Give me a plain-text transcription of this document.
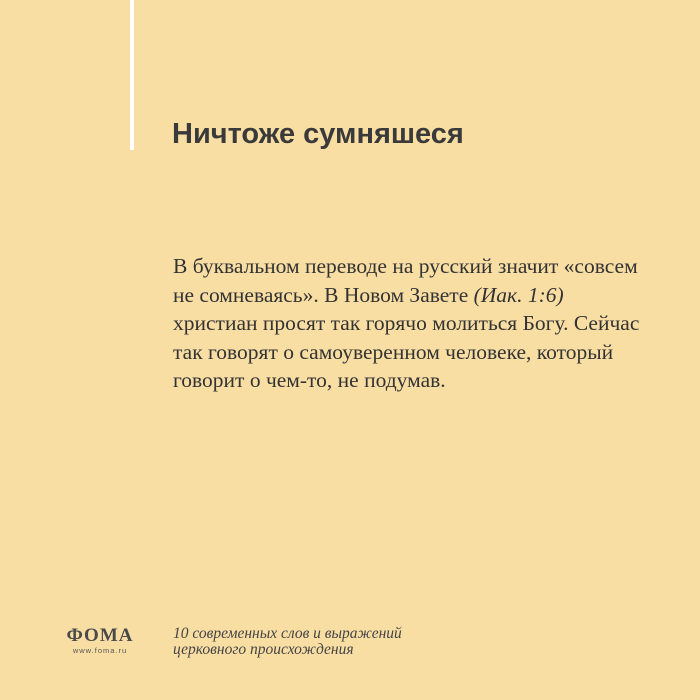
Ничтоже сумняшеся

В буквальном переводе на русский значит «совсем не сомневаясь». В Новом Завете (Иак. 1:6) христиан просят так горячо молиться Богу. Сейчас так говорят о самоуверенном человеке, который говорит о чем-то, не подумав.

ФОМА
www.foma.ru
10 современных слов и выражений
церковного происхождения
